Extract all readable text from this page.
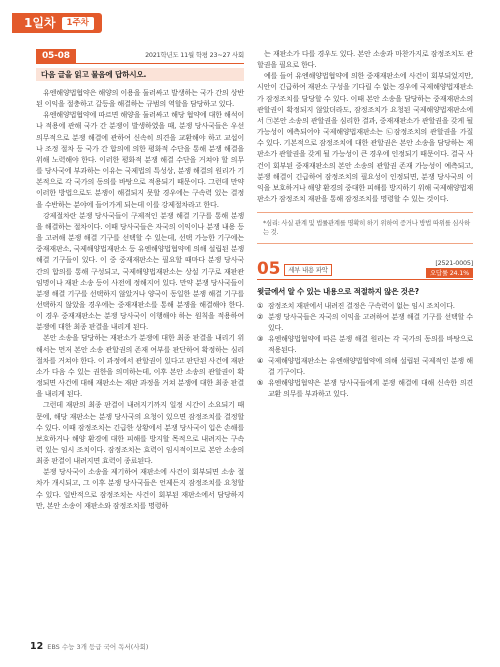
1일차	1주차
05-08	2021학년도 11월 학평 23~27 사회
다음 글을 읽고 물음에 답하시오.

유엔해양법협약은 해양의 이용을 둘러싸고 발생하는 국가 간의 상반된 이익을 절충하고 갈등을 해결하는 규범의 역할을 담당하고 있다.

유엔해양법협약에 따르면 해양을 둘러싸고 해당 협약에 대한 해석이나 적용에 관해 국가 간 분쟁이 발생하였을 때, 분쟁 당사국들은 우선 의무적으로 분쟁 해결에 관하여 신속히 의견을 교환해야 하고 교섭이나 조정 절차 등 국가 간 합의에 의한 평화적 수단을 통해 분쟁 해결을 위해 노력해야 한다. 이러한 평화적 분쟁 해결 수단을 거쳐야 할 의무를 당사국에 부과하는 이유는 국제법의 특성상, 분쟁 해결의 원리가 기본적으로 각 국가의 동의를 바탕으로 적용되기 때문이다. 그런데 만약 이러한 방법으로도 분쟁이 해결되지 못할 경우에는 구속력 있는 결정을 수반하는 분야에 들어가게 되는데 이를 강제절차라고 한다.

강제절차란 분쟁 당사국들이 구제적인 분쟁 해결 기구를 통해 분쟁을 해결하는 절차이다. 이때 당사국들은 자국의 이익이나 분쟁 내용 등을 고려해 분쟁 해결 기구를 선택할 수 있는데, 선택 가능한 기구에는 중재재판소, 국제해양법재판소 등 유엔해양법협약에 의해 설립된 분쟁 해결 기구들이 있다. 이 중 중재재판소는 필요할 때마다 분쟁 당사국 간의 합의를 통해 구성되고, 국제해양법재판소는 상설 기구로 재판관 임명이나 재판 소송 등이 사전에 정해지어 있다. 만약 분쟁 당사국들이 분쟁 해결 기구를 선택하지 않았거나 양국이 동일한 분쟁 해결 기구를 선택하지 않았을 경우에는 중재재판소를 통해 분쟁을 해결해야 한다. 이 경우 중재재판소는 분쟁 당사국이 이행해야 하는 원칙을 적용하여 분쟁에 대한 최종 판결을 내리게 된다.

본안 소송을 담당하는 재판소가 분쟁에 대한 최종 판결을 내리기 위해서는 먼저 본안 소송 관할권의 존재 여부를 판단하여 확정하는 심리 절차를 거쳐야 한다. 이 과정에서 관할권이 있다고 판단된 사건에 재판소가 다음 수 있는 권한을 의미하는데, 이후 본안 소송의 관할권이 확정되면 사건에 대해 재판소는 재판 과정을 거쳐 분쟁에 대한 최종 판결을 내리게 된다.

그런데 재판의 최종 판결이 내려지기까지 일정 시간이 소요되기 때문에, 해당 재판소는 분쟁 당사국의 요청이 있으면 잠정조치를 결정할 수 있다. 이때 잠정조치는 긴급한 상황에서 분쟁 당사국이 입은 손해를 보호하거나 해양 환경에 대한 피해를 방지할 목적으로 내려지는 구속력 있는 임시 조치이다. 잠정조치는 효력이 임시적이므로 본안 소송의 최종 판결이 내려지면 효력이 종료된다.

분쟁 당사국이 소송을 제기하여 재판소에 사건이 회부되면 소송 절차가 개시되고, 그 이후 분쟁 당사국들은 언제든지 잠정조치를 요청할 수 있다. 일반적으로 잠정조치는 사건이 회부된 재판소에서 담당하지만, 본안 소송이 재판소와 잠정조치를 명령하

는 재판소가 다를 경우도 있다. 본안 소송과 마찬가지로 잠정조치도 관할권을 필요로 한다.

예를 들어 유엔해양법협약에 의한 중재재판소에 사건이 회부되었지만, 시안이 긴급하여 재판소 구성을 기다릴 수 없는 경우에 국제해양법재판소가 잠정조치를 담당할 수 있다. 이때 본안 소송을 담당하는 중재재판소의 관할권이 확정되지 않았더라도, 잠정조치가 요청된 국제해양법재판소에서 ㉠본안 소송의 관할권을 심리한 결과, 중재재판소가 관할권을 갖게 될 가능성이 예측되어야 국제해양법재판소는 ㉡잠정조치의 관할권을 가질 수 있다. 기본적으로 잠정조치에 대한 관할권은 본안 소송을 담당하는 재판소가 관할권을 갖게 될 가능성이 큰 경우에 인정되기 때문이다. 결국 사건이 회부된 중재재판소의 본안 소송의 관할권 존재 가능성이 예측되고, 분쟁 해결이 긴급하여 잠정조치의 필요성이 인정되면, 분쟁 당사국의 이익을 보호하거나 해양 환경의 중대한 피해를 방지하기 위해 국제해양법재판소가 잠정조치 재판을 통해 잠정조치를 명령할 수 있는 것이다.

*심리: 사실 관계 및 법률관계를 명확히 하기 위하여 증거나 방법 따위를 심사하는 것.
05	세부 내용 파악
[2521-0005]
오답률 24.1%
윗글에서 알 수 있는 내용으로 적절하지 않은 것은?
① 잠정조치 재판에서 내려진 결정은 구속력이 없는 임시 조치이다.
② 분쟁 당사국들은 자국의 이익을 고려하여 분쟁 해결 기구를 선택할 수 있다.
③ 유엔해양법협약에 따른 분쟁 해결 원리는 각 국가의 동의를 바탕으로 적용된다.
④ 국제해양법재판소는 유엔해양법협약에 의해 설립된 국제적인 분쟁 해결 기구이다.
⑤ 유엔해양법협약은 분쟁 당사국들에게 분쟁 해결에 대해 신속한 의견 교환 의무를 부과하고 있다.
12 EBS 수능 3개 등급 국어 독서(사회)
